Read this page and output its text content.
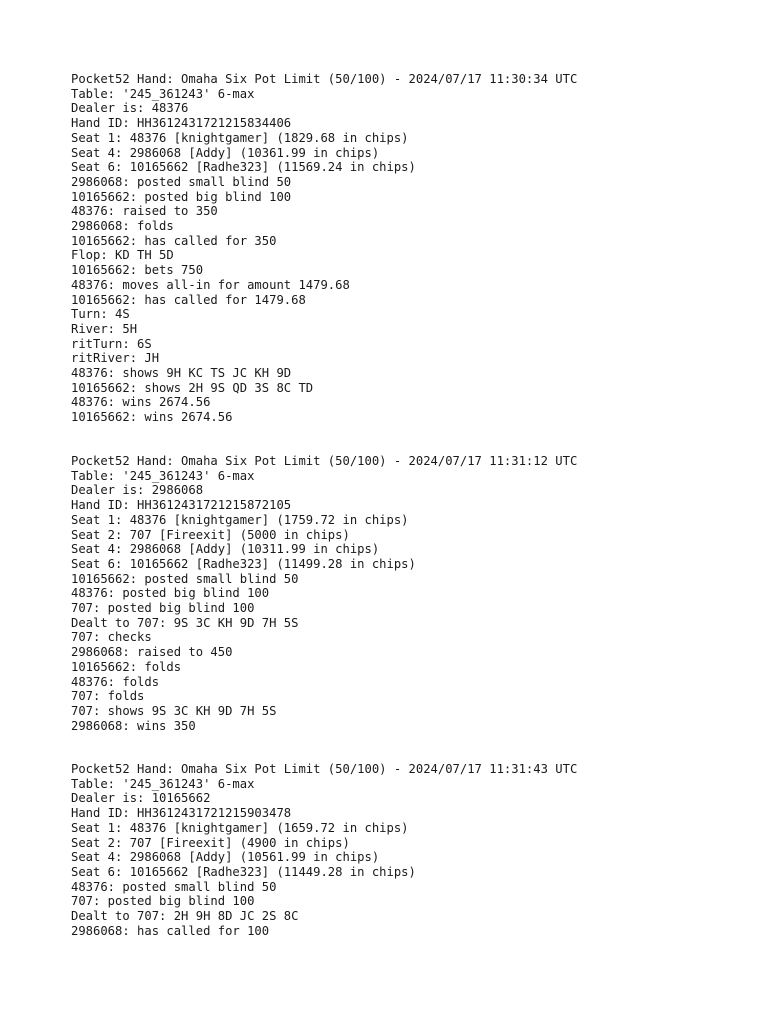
Pocket52 Hand: Omaha Six Pot Limit (50/100) - 2024/07/17 11:30:34 UTC
Table: '245_361243' 6-max
Dealer is: 48376
Hand ID: HH3612431721215834406
Seat 1: 48376 [knightgamer] (1829.68 in chips)
Seat 4: 2986068 [Addy] (10361.99 in chips)
Seat 6: 10165662 [Radhe323] (11569.24 in chips)
2986068: posted small blind 50
10165662: posted big blind 100
48376: raised to 350
2986068: folds
10165662: has called for 350
Flop: KD TH 5D
10165662: bets 750
48376: moves all-in for amount 1479.68
10165662: has called for 1479.68
Turn: 4S
River: 5H
ritTurn: 6S
ritRiver: JH
48376: shows 9H KC TS JC KH 9D
10165662: shows 2H 9S QD 3S 8C TD
48376: wins 2674.56
10165662: wins 2674.56
Pocket52 Hand: Omaha Six Pot Limit (50/100) - 2024/07/17 11:31:12 UTC
Table: '245_361243' 6-max
Dealer is: 2986068
Hand ID: HH3612431721215872105
Seat 1: 48376 [knightgamer] (1759.72 in chips)
Seat 2: 707 [Fireexit] (5000 in chips)
Seat 4: 2986068 [Addy] (10311.99 in chips)
Seat 6: 10165662 [Radhe323] (11499.28 in chips)
10165662: posted small blind 50
48376: posted big blind 100
707: posted big blind 100
Dealt to 707: 9S 3C KH 9D 7H 5S
707: checks
2986068: raised to 450
10165662: folds
48376: folds
707: folds
707: shows 9S 3C KH 9D 7H 5S
2986068: wins 350
Pocket52 Hand: Omaha Six Pot Limit (50/100) - 2024/07/17 11:31:43 UTC
Table: '245_361243' 6-max
Dealer is: 10165662
Hand ID: HH3612431721215903478
Seat 1: 48376 [knightgamer] (1659.72 in chips)
Seat 2: 707 [Fireexit] (4900 in chips)
Seat 4: 2986068 [Addy] (10561.99 in chips)
Seat 6: 10165662 [Radhe323] (11449.28 in chips)
48376: posted small blind 50
707: posted big blind 100
Dealt to 707: 2H 9H 8D JC 2S 8C
2986068: has called for 100
